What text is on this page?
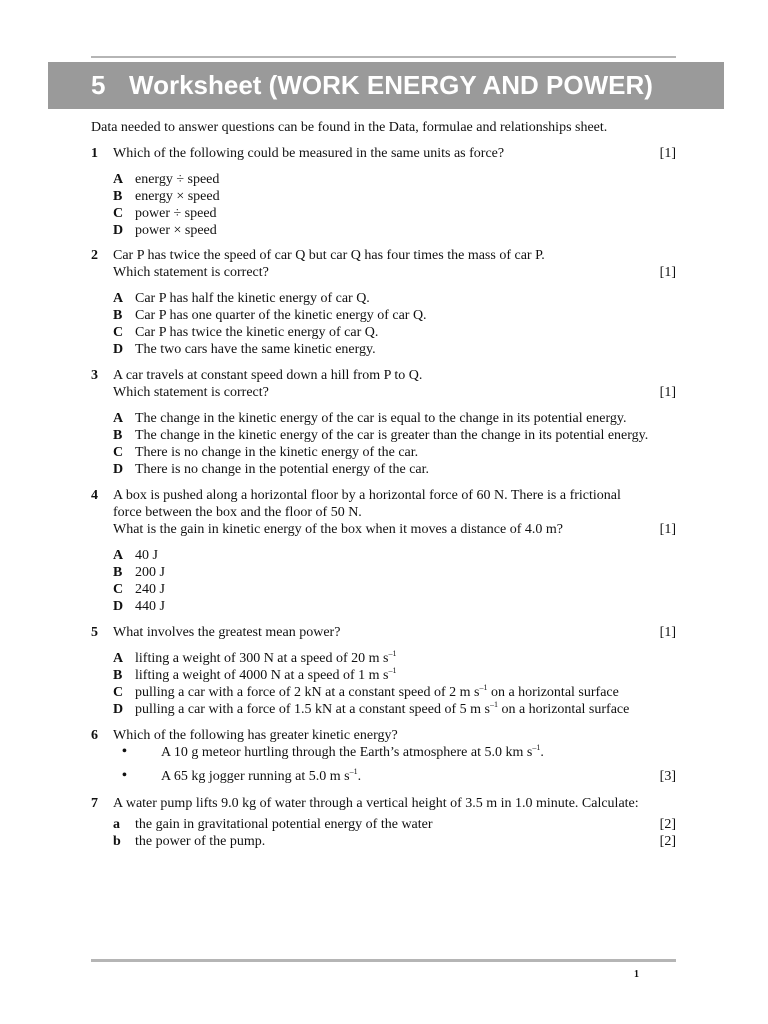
5 Worksheet (WORK ENERGY AND POWER)
Data needed to answer questions can be found in the Data, formulae and relationships sheet.
1 Which of the following could be measured in the same units as force?	[1]
A energy ÷ speed
B energy × speed
C power ÷ speed
D power × speed
2 Car P has twice the speed of car Q but car Q has four times the mass of car P.
Which statement is correct?	[1]
A Car P has half the kinetic energy of car Q.
B Car P has one quarter of the kinetic energy of car Q.
C Car P has twice the kinetic energy of car Q.
D The two cars have the same kinetic energy.
3 A car travels at constant speed down a hill from P to Q.
Which statement is correct?	[1]
A The change in the kinetic energy of the car is equal to the change in its potential energy.
B The change in the kinetic energy of the car is greater than the change in its potential energy.
C There is no change in the kinetic energy of the car.
D There is no change in the potential energy of the car.
4 A box is pushed along a horizontal floor by a horizontal force of 60 N. There is a frictional
force between the box and the floor of 50 N.
What is the gain in kinetic energy of the box when it moves a distance of 4.0 m?	[1]
A 40 J
B 200 J
C 240 J
D 440 J
5 What involves the greatest mean power?	[1]
A lifting a weight of 300 N at a speed of 20 m $s^{-1}$
B lifting a weight of 4000 N at a speed of 1 m $s^{-1}$
C pulling a car with a force of 2 kN at a constant speed of 2 m $s^{-1}$ on a horizontal surface
D pulling a car with a force of 1.5 kN at a constant speed of 5 m $s^{-1}$ on a horizontal surface
6 Which of the following has greater kinetic energy?
• A 10 g meteor hurtling through the Earth’s atmosphere at 5.0 km $s^{-1}$.
• A 65 kg jogger running at 5.0 m $s^{-1}$.	[3]
7 A water pump lifts 9.0 kg of water through a vertical height of 3.5 m in 1.0 minute. Calculate:
a the gain in gravitational potential energy of the water	[2]
b the power of the pump.	[2]
1
